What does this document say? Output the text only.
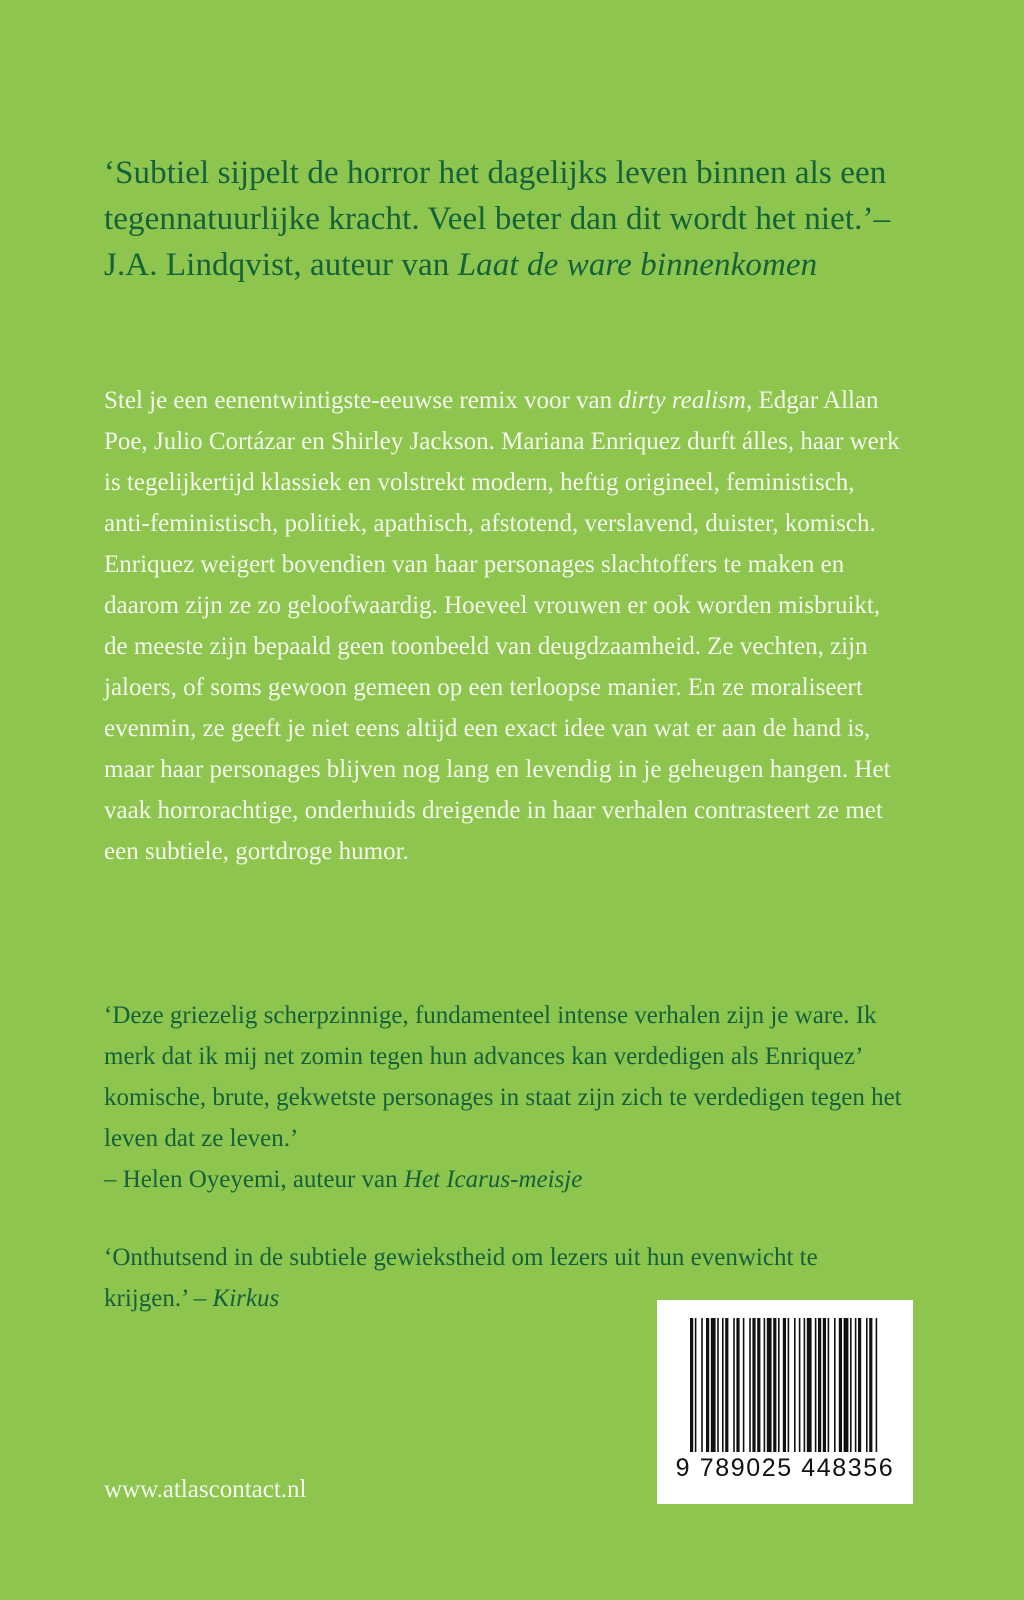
‘Subtiel sijpelt de horror het dagelijks leven binnen als een tegennatuurlijke kracht. Veel beter dan dit wordt het niet.’– J.A. Lindqvist, auteur van Laat de ware binnenkomen

Stel je een eenentwintigste-eeuwse remix voor van dirty realism, Edgar Allan Poe, Julio Cortázar en Shirley Jackson. Mariana Enriquez durft álles, haar werk is tegelijkertijd klassiek en volstrekt modern, heftig origineel, feministisch, anti-feministisch, politiek, apathisch, afstotend, verslavend, duister, komisch.

Enriquez weigert bovendien van haar personages slachtoffers te maken en daarom zijn ze zo geloofwaardig. Hoeveel vrouwen er ook worden misbruikt, de meeste zijn bepaald geen toonbeeld van deugdzaamheid. Ze vechten, zijn jaloers, of soms gewoon gemeen op een terloopse manier. En ze moraliseert evenmin, ze geeft je niet eens altijd een exact idee van wat er aan de hand is, maar haar personages blijven nog lang en levendig in je geheugen hangen. Het vaak horrorachtige, onderhuids dreigende in haar verhalen contrasteert ze met een subtiele, gortdroge humor.

‘Deze griezelig scherpzinnige, fundamenteel intense verhalen zijn je ware. Ik merk dat ik mij net zomin tegen hun advances kan verdedigen als Enriquez’ komische, brute, gekwetste personages in staat zijn zich te verdedigen tegen het leven dat ze leven.’

– Helen Oyeyemi, auteur van Het Icarus-meisje

‘Onthutsend in de subtiele gewiekstheid om lezers uit hun evenwicht te krijgen.’ – Kirkus
www.atlascontact.nl
9 789025 448356
